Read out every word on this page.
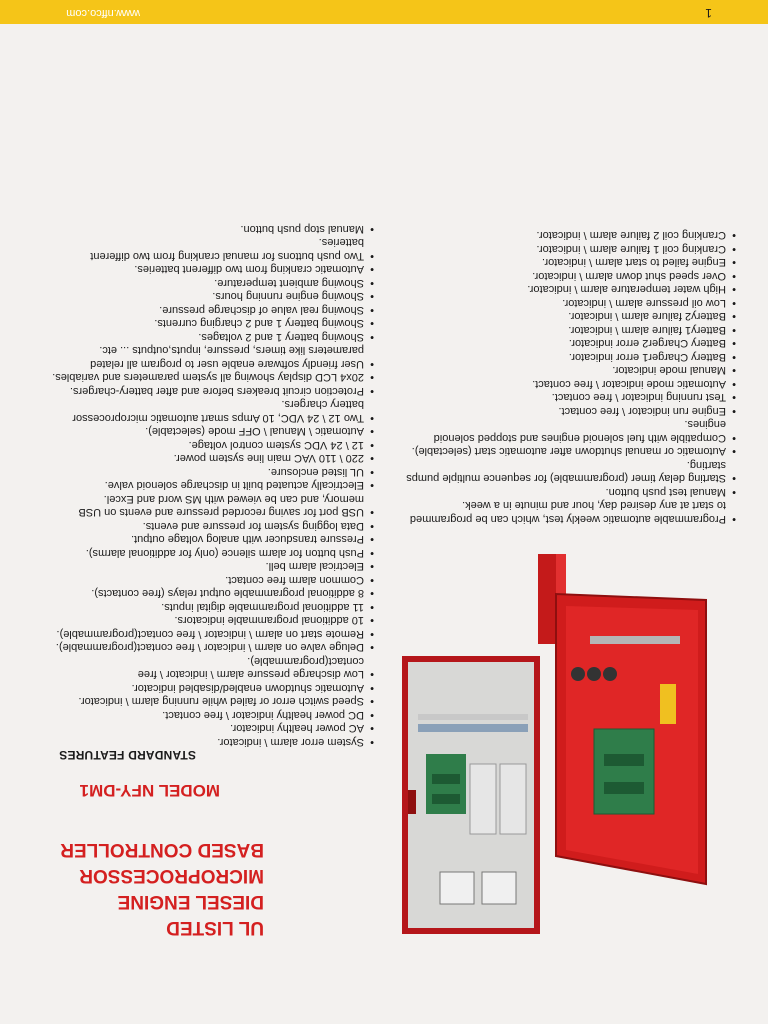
www.nffco.com	1
UL LISTED
DIESEL ENGINE
MICROPROCESSOR
BASED CONTROLLER
MODEL NFY-DM1
STANDARD FEATURES
• System error alarm \ indicator.
• AC power healthy indicator.
• DC power healthy indicator \ free contact.
• Speed switch error or failed while running alarm \ indicator.
• Automatic shutdown enabled/disabled indicator.
• Low discharge pressure alarm \ indicator \ free contact(programmable).
• Deluge valve on alarm \ indicator \ free contact(programmable).
• Remote start on alarm \ indicator \ free contact(programmable).
• 10 additional programmable indicators.
• 11 additional programmable digital inputs.
• 8 additional programmable output relays (free contacts).
• Common alarm free contact.
• Electrical alarm bell.
• Push button for alarm silence (only for additional alarms).
• Pressure transducer with analog voltage output.
• Data logging system for pressure and events.
• USB port for saving recorded pressure and events on USB memory, and can be viewed with MS word and Excel.
• Electrically actuated built in discharge solenoid valve.
• UL listed enclosure.
• 220 \ 110 VAC main line system power.
• 12 \ 24 VDC system control voltage.
• Automatic \ Manual \ OFF mode (selectable).
• Two 12 \ 24 VDC, 10 Amps smart automatic microprocessor battery chargers.
• Protection circuit breakers before and after battery-chargers.
• 20x4 LCD display showing all system parameters and variables.
• User friendly software enable user to program all related parameters like timers, pressure, inputs,outputs ... etc.
• Showing battery 1 and 2 voltages.
• Showing battery 1 and 2 charging currents.
• Showing real value of discharge pressure.
• Showing engine running hours.
• Showing ambient temperature.
• Automatic cranking from two different batteries.
• Two push buttons for manual cranking from two different batteries.
• Manual stop push button.
• Programmable automatic weekly test, which can be programmed to start at any desired day, hour and minute in a week.
• Manual test push button.
• Starting delay timer (programmable) for sequence multiple pumps starting.
• Automatic or manual shutdown after automatic start (selectable).
• Compatible with fuel solenoid engines and stopped solenoid engines.
• Engine run indicator \ free contact.
• Test running indicator \ free contact.
• Automatic mode indicator \ free contact.
• Manual mode indicator.
• Battery Charger1 error indicator.
• Battery Charger2 error indicator.
• Battery1 failure alarm \ indicator.
• Battery2 failure alarm \ indicator.
• Low oil pressure alarm \ indicator.
• High water temperature alarm \ indicator.
• Over speed shut down alarm \ indicator.
• Engine failed to start alarm \ indicator.
• Cranking coil 1 failure alarm \ indicator.
• Cranking coil 2 failure alarm \ indicator.
